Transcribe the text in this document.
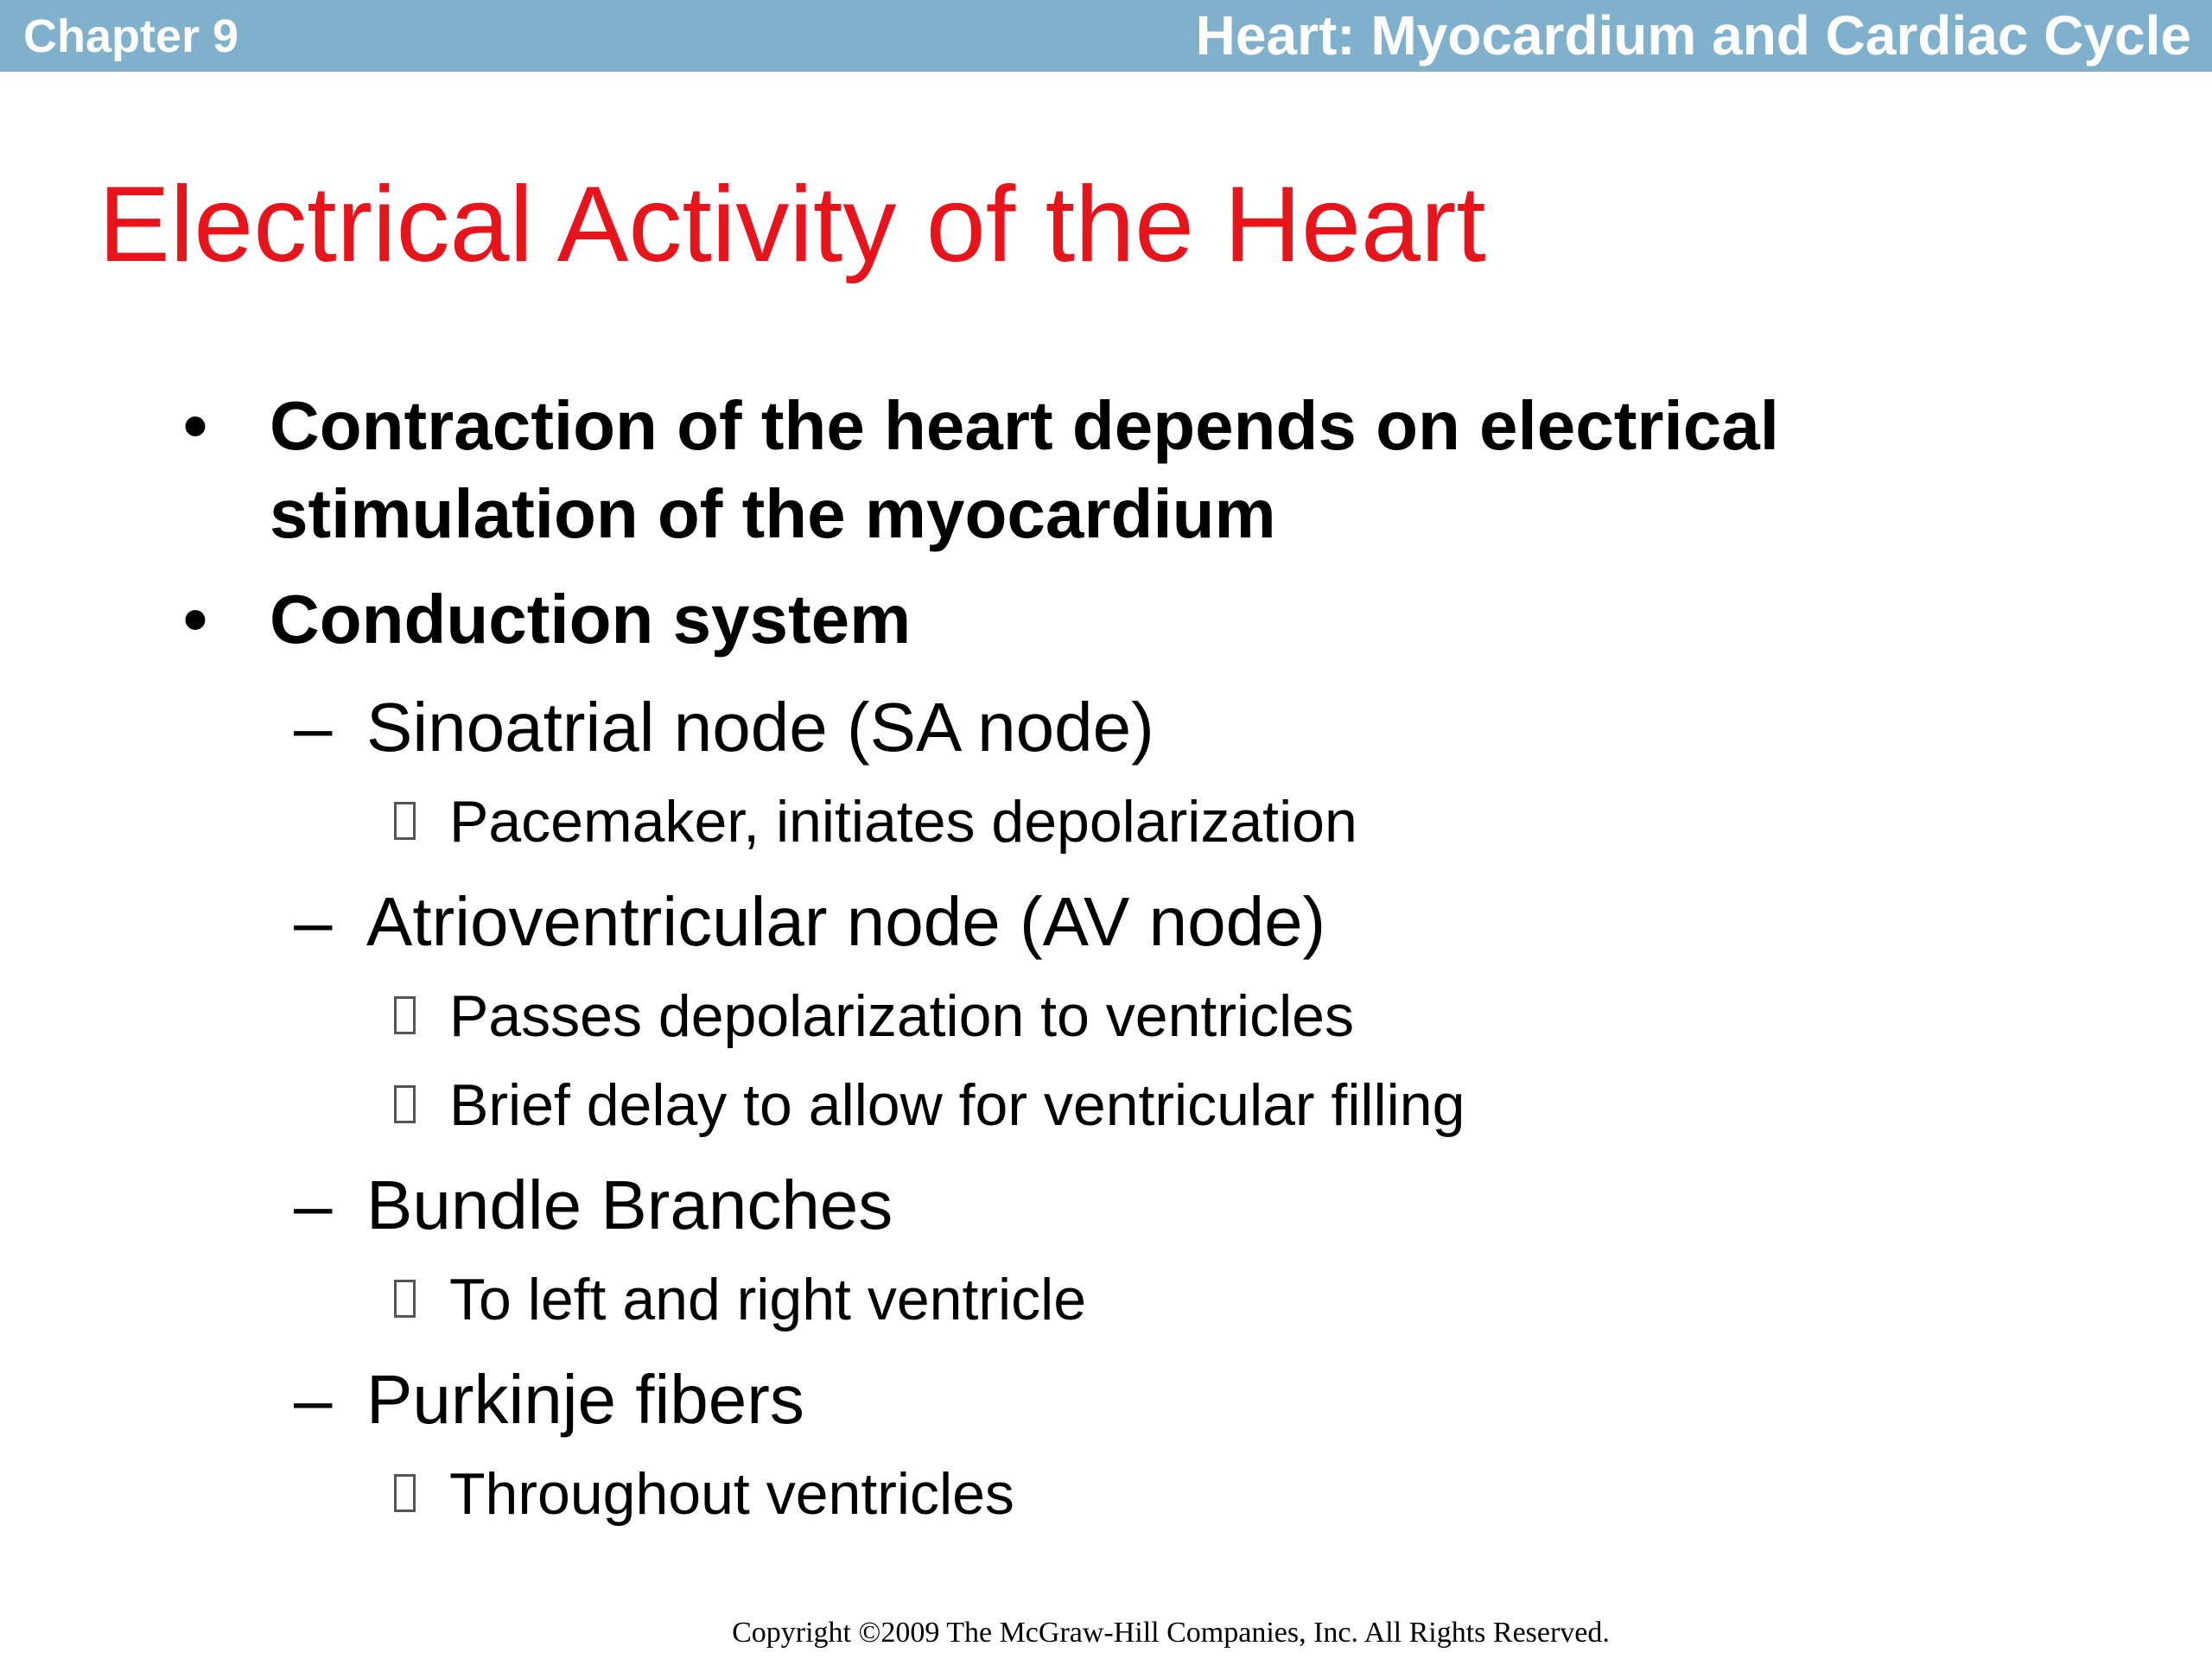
Chapter 9	Heart: Myocardium and Cardiac Cycle
Electrical Activity of the Heart
• Contraction of the heart depends on electrical
stimulation of the myocardium
• Conduction system
– Sinoatrial node (SA node)
Pacemaker, initiates depolarization
– Atrioventricular node (AV node)
Passes depolarization to ventricles
Brief delay to allow for ventricular filling
– Bundle Branches
To left and right ventricle
– Purkinje fibers
Throughout ventricles
Copyright ©2009 The McGraw-Hill Companies, Inc. All Rights Reserved.
